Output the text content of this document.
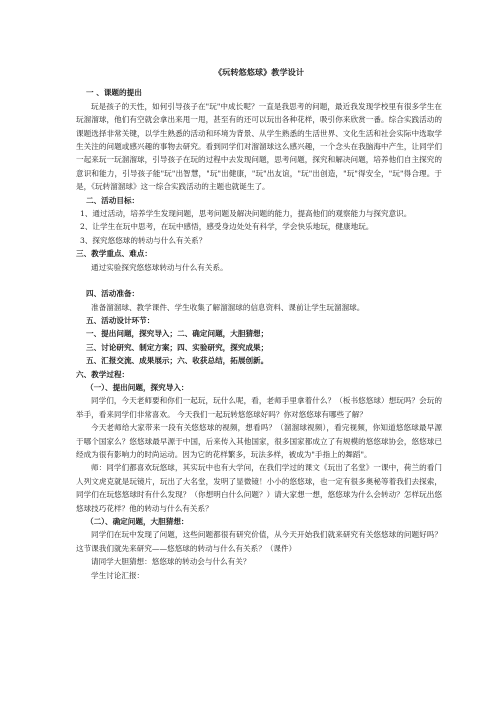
《玩转悠悠球》教学设计

一 、课题的提出

玩是孩子的天性，如何引导孩子在"玩"中成长呢？一直是我思考的问题，最近我发现学校里有很多学生在玩溜溜球，他们有空就会拿出来甩一甩，甚至有的还可以玩出各种花样，吸引你来欣赏一番。综合实践活动的课题选择非常关键，以学生熟悉的活动和环境为背景、从学生熟悉的生活世界、文化生活和社会实际中选取学生关注的问题或感兴趣的事物去研究。看到同学们对溜溜球这么感兴趣，一个念头在我脑海中产生，让同学们一起来玩一玩溜溜球，引导孩子在玩的过程中去发现问题，思考问题，探究和解决问题，培养他们自主探究的意识和能力，引导孩子能"玩"出智慧，"玩"出健康，"玩"出友谊，"玩"出创造，"玩"得安全，"玩"得合理。于是，《玩转溜溜球》这一综合实践活动的主题也就诞生了。

二、活动目标：

1、通过活动，培养学生发现问题，思考问题及解决问题的能力，提高他们的观察能力与探究意识。

2、让学生在玩中思考，在玩中感悟，感受身边处处有科学，学会快乐地玩，健康地玩。

3、探究悠悠球的转动与什么有关系？

三、教学重点、难点：

通过实验探究悠悠球转动与什么有关系。

四、活动准备：

准备溜溜球、教学课件、学生收集了解溜溜球的信息资料、课前让学生玩溜溜球。

五、活动设计环节：

一、提出问题，探究导入；二、确定问题，大胆猜想；

三、讨论研究、制定方案；四、实验研究，探究成果；

五、汇报交流、成果展示；六、收获总结，拓展创新。

六、教学过程：

（一）、提出问题，探究导入：

同学们，今天老师要和你们一起玩，玩什么呢，看，老师手里拿着什么？（板书悠悠球）想玩吗？会玩的举手，看来同学们非常喜欢。 今天我们一起玩转悠悠球好吗？你对悠悠球有哪些了解？

今天老师给大家带来一段有关悠悠球的视频，想看吗？（溜溜球视频），看完视频，你知道悠悠球最早源于哪个国家么？悠悠球最早源于中国，后来传入其他国家，很多国家都成立了有规模的悠悠球协会，悠悠球已经成为很有影响力的时尚运动。因为它的花样繁多，玩法多样，被成为"手指上的舞蹈"。

师：同学们都喜欢玩悠球，其实玩中也有大学问，在我们学过的课文《玩出了名堂》一课中，荷兰的看门人列文虎克就是玩镜片，玩出了大名堂，发明了显微镜！小小的悠悠球，也一定有很多奥秘等着我们去探索，同学们在玩悠悠球时有什么发现？（你想明白什么问题？）请大家想一想，悠悠球为什么会转动？怎样玩出悠悠球技巧花样？他的转动与什么有关系？

（二）、确定问题，大胆猜想：

同学们在玩中发现了问题，这些问题都很有研究价值，从今天开始我们就来研究有关悠悠球的问题好吗？这节课我们就先来研究——悠悠球的转动与什么有关系？（课件）

请同学大胆猜想：悠悠球的转动会与什么有关？

学生讨论汇报：
